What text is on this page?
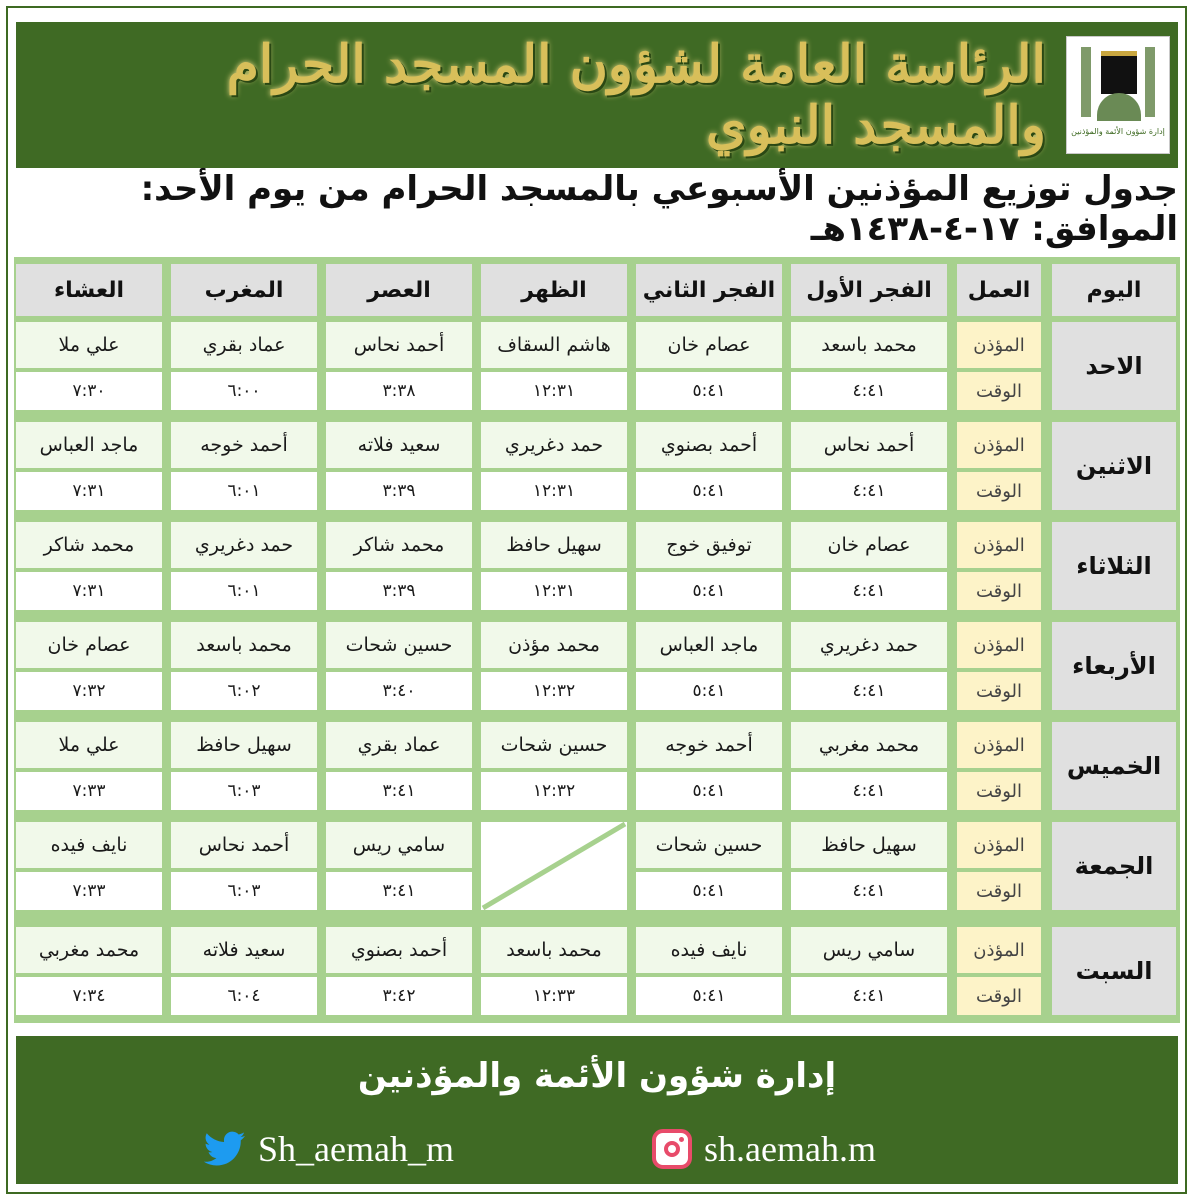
الرئاسة العامة لشؤون المسجد الحرام والمسجد النبوي	إدارة شؤون الأئمة والمؤذنين
جدول توزيع المؤذنين الأسبوعي بالمسجد الحرام من يوم الأحد: الموافق: ١٧-٤-١٤٣٨هـ
اليوم
العمل
الفجر الأول
الفجر الثاني
الظهر
العصر
المغرب
العشاء
الاحد
المؤذن
الوقت
محمد باسعد
٤:٤١
عصام خان
٥:٤١
هاشم السقاف
١٢:٣١
أحمد نحاس
٣:٣٨
عماد بقري
٦:٠٠
علي ملا
٧:٣٠
الاثنين
المؤذن
الوقت
أحمد نحاس
٤:٤١
أحمد بصنوي
٥:٤١
حمد دغريري
١٢:٣١
سعيد فلاته
٣:٣٩
أحمد خوجه
٦:٠١
ماجد العباس
٧:٣١
الثلاثاء
المؤذن
الوقت
عصام خان
٤:٤١
توفيق خوج
٥:٤١
سهيل حافظ
١٢:٣١
محمد شاكر
٣:٣٩
حمد دغريري
٦:٠١
محمد شاكر
٧:٣١
الأربعاء
المؤذن
الوقت
حمد دغريري
٤:٤١
ماجد العباس
٥:٤١
محمد مؤذن
١٢:٣٢
حسين شحات
٣:٤٠
محمد باسعد
٦:٠٢
عصام خان
٧:٣٢
الخميس
المؤذن
الوقت
محمد مغربي
٤:٤١
أحمد خوجه
٥:٤١
حسين شحات
١٢:٣٢
عماد بقري
٣:٤١
سهيل حافظ
٦:٠٣
علي ملا
٧:٣٣
الجمعة
المؤذن
الوقت
سهيل حافظ
٤:٤١
حسين شحات
٥:٤١
سامي ريس
٣:٤١
أحمد نحاس
٦:٠٣
نايف فيده
٧:٣٣
السبت
المؤذن
الوقت
سامي ريس
٤:٤١
نايف فيده
٥:٤١
محمد باسعد
١٢:٣٣
أحمد بصنوي
٣:٤٢
سعيد فلاته
٦:٠٤
محمد مغربي
٧:٣٤
إدارة شؤون الأئمة والمؤذنين
Sh_aemah_m	sh.aemah.m
